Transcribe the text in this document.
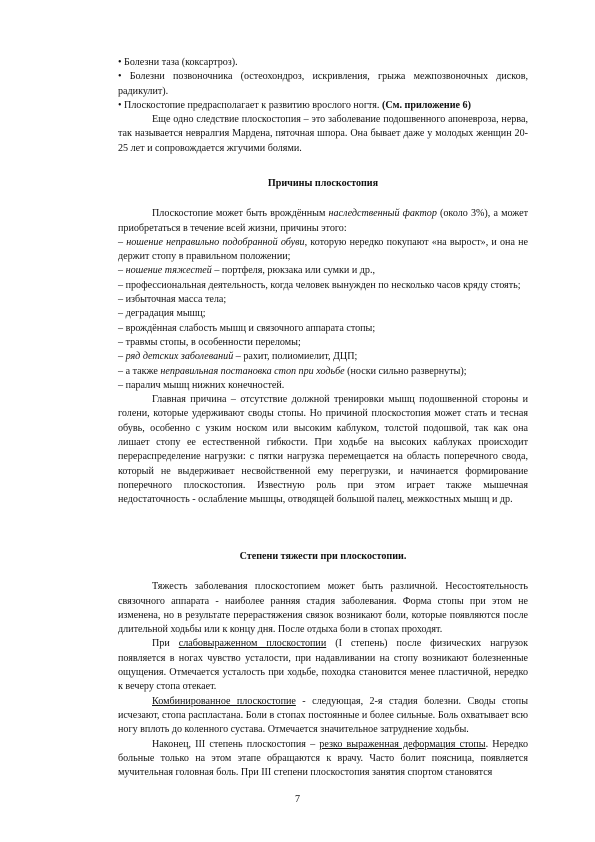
• Болезни таза (коксартроз).

• Болезни позвоночника (остеохондроз, искривления, грыжа межпозвоночных дисков, радикулит).

• Плоскостопие предрасполагает к развитию врослого ногтя. (См. приложение 6)

Еще одно следствие плоскостопия – это заболевание подошвенного апоневроза, нерва, так называется невралгия Мардена, пяточная шпора. Она бывает даже у молодых женщин 20-25 лет и сопровождается жгучими болями.

Причины плоскостопия

Плоскостопие может быть врождённым наследственный фактор (около 3%), а может приобретаться в течение всей жизни, причины этого:

– ношение неправильно подобранной обуви, которую нередко покупают «на вырост», и она не держит стопу в правильном положении;

– ношение тяжестей – портфеля, рюкзака или сумки и др.,

– профессиональная деятельность, когда человек вынужден по несколько часов кряду стоять;

– избыточная масса тела;

– деградация мышц;

– врождённая слабость мышц и связочного аппарата стопы;

– травмы стопы, в особенности переломы;

– ряд детских заболеваний – рахит, полиомиелит, ДЦП;

– а также неправильная постановка стоп при ходьбе (носки сильно развернуты);

– паралич мышц нижних конечностей.

Главная причина – отсутствие должной тренировки мышц подошвенной стороны и голени, которые удерживают своды стопы. Но причиной плоскостопия может стать и тесная обувь, особенно с узким носком или высоким каблуком, толстой подошвой, так как она лишает стопу ее естественной гибкости. При ходьбе на высоких каблуках происходит перераспределение нагрузки: с пятки нагрузка перемещается на область поперечного свода, который не выдерживает несвойственной ему перегрузки, и начинается формирование поперечного плоскостопия. Известную роль при этом играет также мышечная недостаточность - ослабление мышцы, отводящей большой палец, межкостных мышц и др.

Степени тяжести при плоскостопии.

Тяжесть заболевания плоскостопием может быть различной. Несостоятельность связочного аппарата - наиболее ранняя стадия заболевания. Форма стопы при этом не изменена, но в результате перерастяжения связок возникают боли, которые появляются после длительной ходьбы или к концу дня. После отдыха боли в стопах проходят.

При слабовыраженном плоскостопии (I степень) после физических нагрузок появляется в ногах чувство усталости, при надавливании на стопу возникают болезненные ощущения. Отмечается усталость при ходьбе, походка становится менее пластичной, нередко к вечеру стопа отекает.

Комбинированное плоскостопие - следующая, 2-я стадия болезни. Своды стопы исчезают, стопа распластана. Боли в стопах постоянные и более сильные. Боль охватывает всю ногу вплоть до коленного сустава. Отмечается значительное затруднение ходьбы.

Наконец, III степень плоскостопия – резко выраженная деформация стопы. Нередко больные только на этом этапе обращаются к врачу. Часто болит поясница, появляется мучительная головная боль. При III степени плоскостопия занятия спортом становятся

7
